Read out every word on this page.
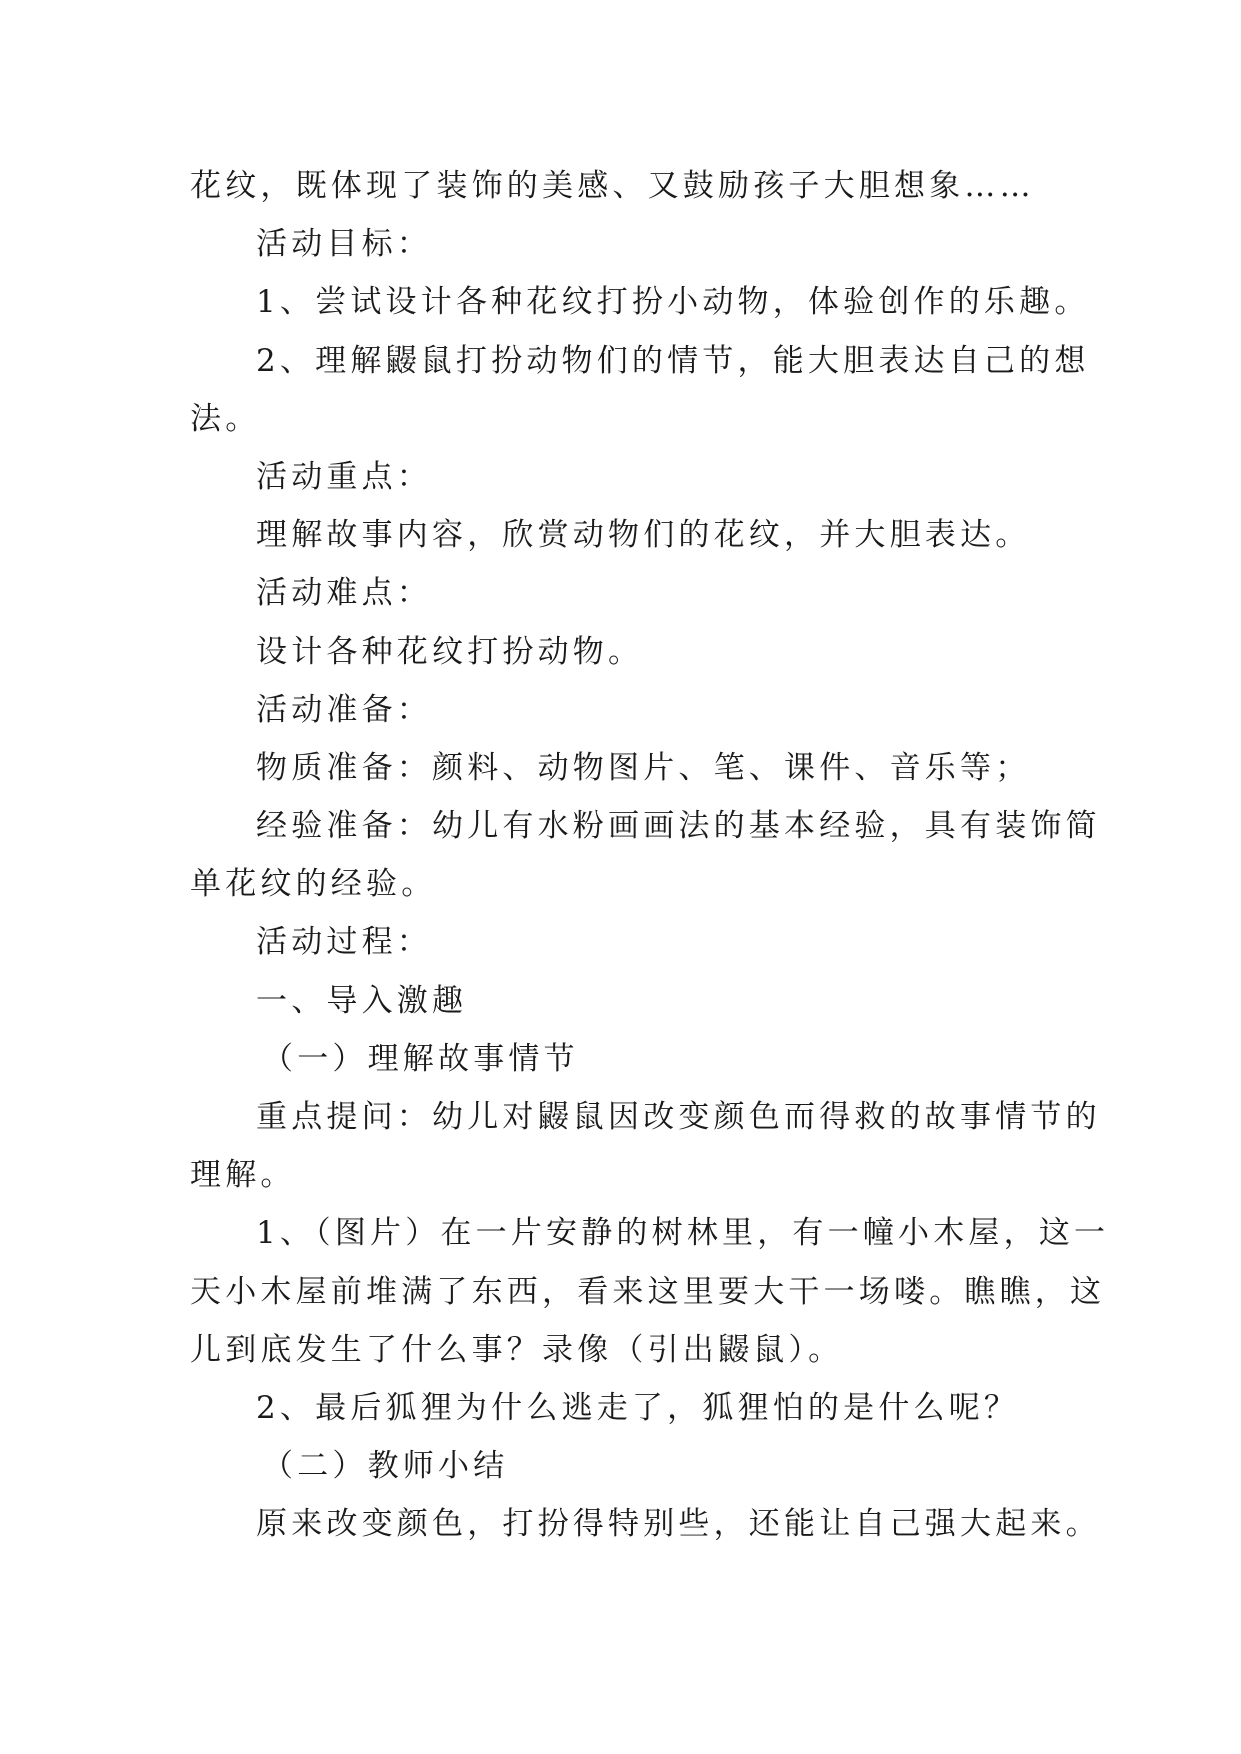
花纹，既体现了装饰的美感、又鼓励孩子大胆想象……
活动目标：
1、尝试设计各种花纹打扮小动物，体验创作的乐趣。
2、理解鼹鼠打扮动物们的情节，能大胆表达自己的想
法。
活动重点：
理解故事内容，欣赏动物们的花纹，并大胆表达。
活动难点：
设计各种花纹打扮动物。
活动准备：
物质准备：颜料、动物图片、笔、课件、音乐等；
经验准备：幼儿有水粉画画法的基本经验，具有装饰简
单花纹的经验。
活动过程：
一、导入激趣
（一）理解故事情节
重点提问：幼儿对鼹鼠因改变颜色而得救的故事情节的
理解。
1、（图片）在一片安静的树林里，有一幢小木屋，这一
天小木屋前堆满了东西，看来这里要大干一场喽。瞧瞧，这
儿到底发生了什么事？录像（引出鼹鼠）。
2、最后狐狸为什么逃走了，狐狸怕的是什么呢？
（二）教师小结
原来改变颜色，打扮得特别些，还能让自己强大起来。
